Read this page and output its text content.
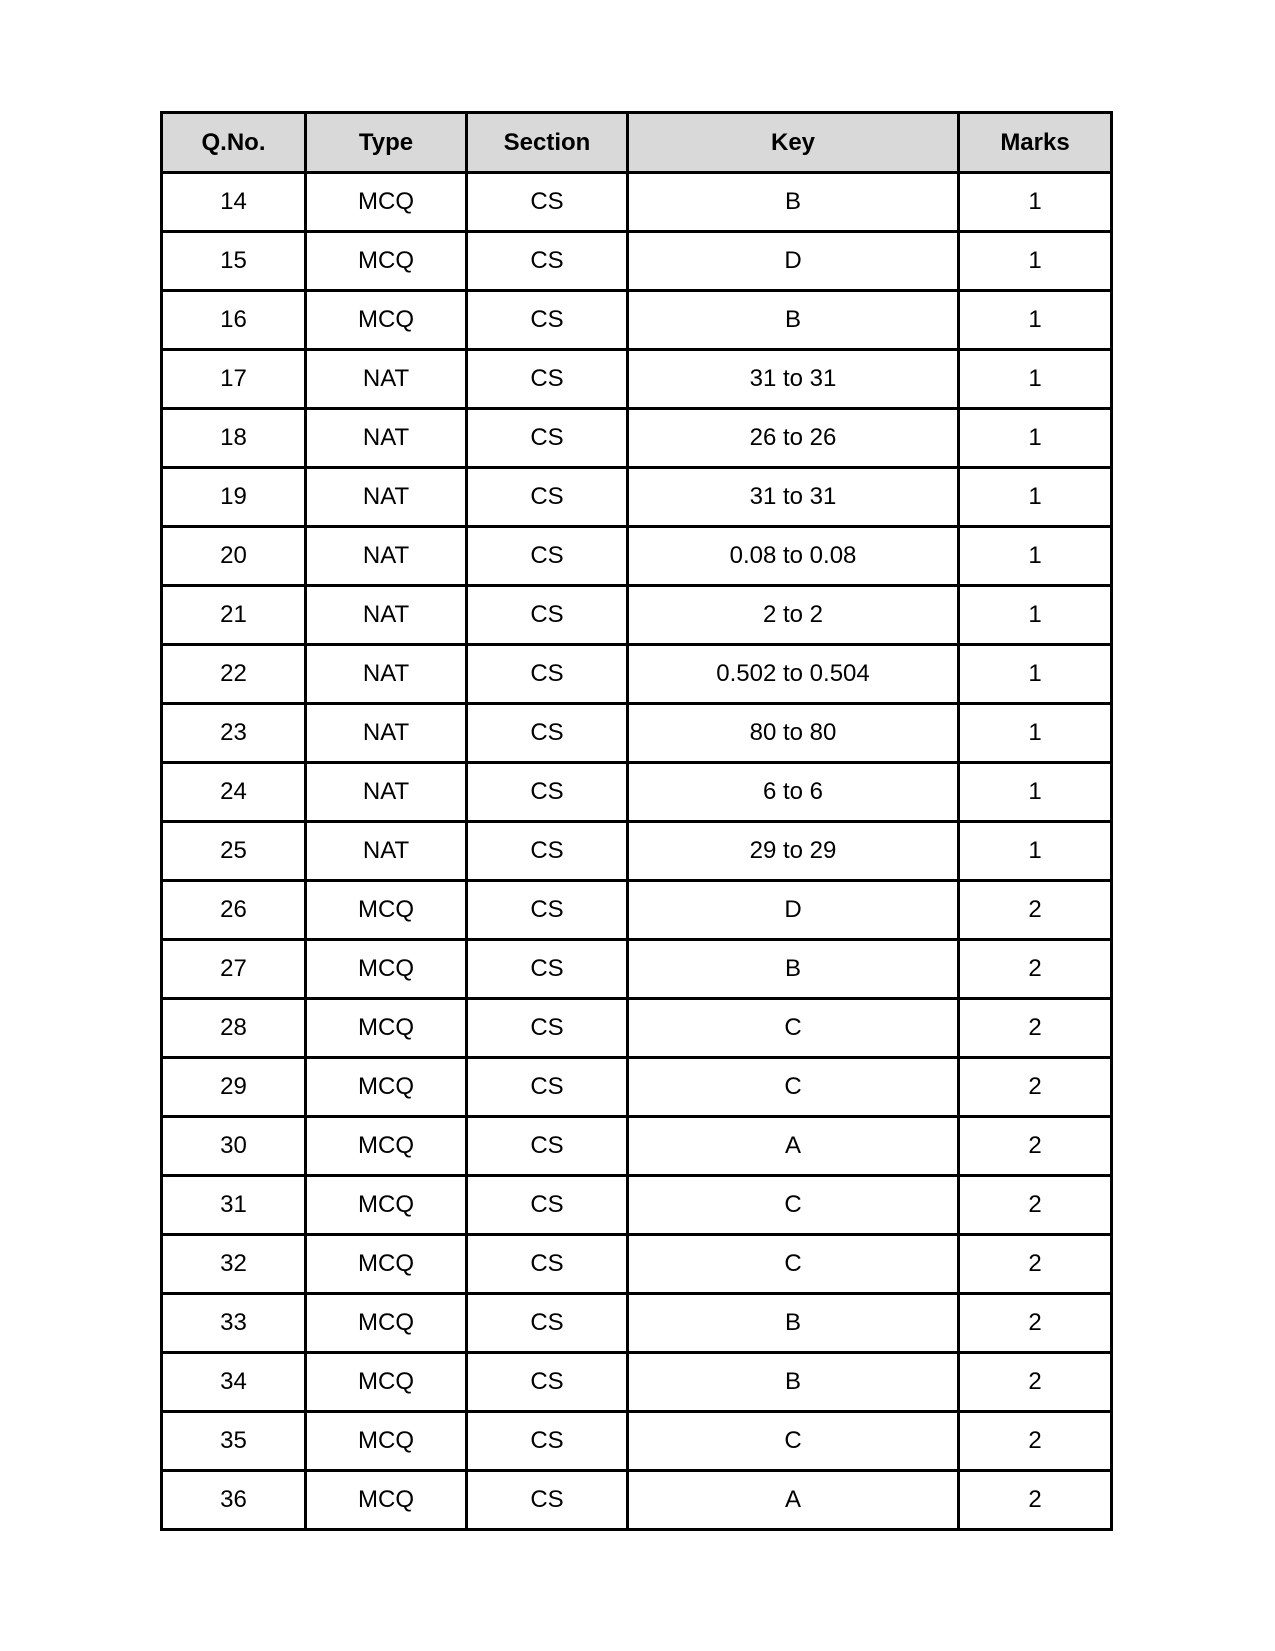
Q.No.	Type	Section	Key	Marks
14	MCQ	CS	B	1
15	MCQ	CS	D	1
16	MCQ	CS	B	1
17	NAT	CS	31 to 31	1
18	NAT	CS	26 to 26	1
19	NAT	CS	31 to 31	1
20	NAT	CS	0.08 to 0.08	1
21	NAT	CS	2 to 2	1
22	NAT	CS	0.502 to 0.504	1
23	NAT	CS	80 to 80	1
24	NAT	CS	6 to 6	1
25	NAT	CS	29 to 29	1
26	MCQ	CS	D	2
27	MCQ	CS	B	2
28	MCQ	CS	C	2
29	MCQ	CS	C	2
30	MCQ	CS	A	2
31	MCQ	CS	C	2
32	MCQ	CS	C	2
33	MCQ	CS	B	2
34	MCQ	CS	B	2
35	MCQ	CS	C	2
36	MCQ	CS	A	2
